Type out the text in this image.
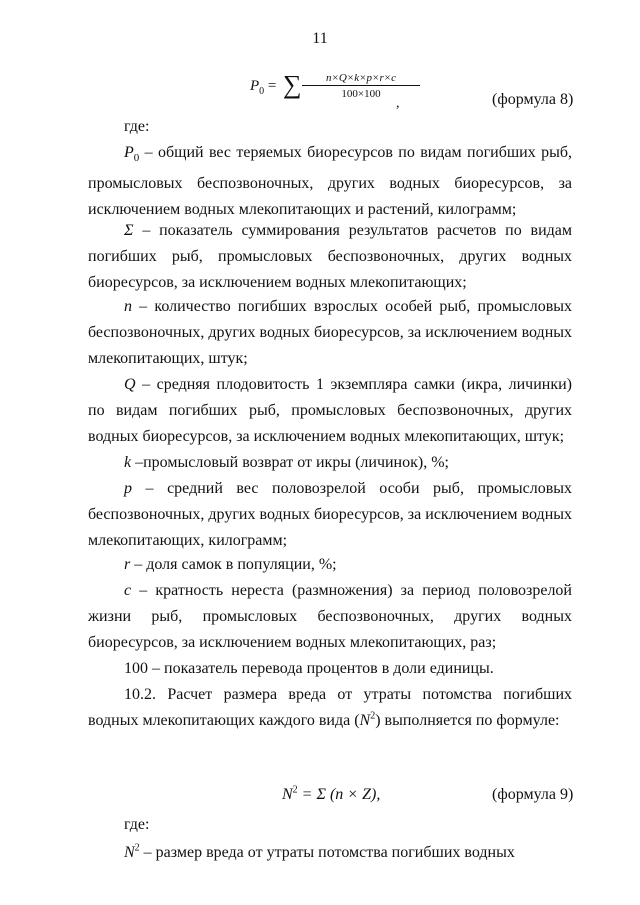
11
$P_0$ = ∑ $\frac{n\times Q\times k\times p\times r\times c}{100\times 100}$
,	(формула 8)
где:

$P_0$ – общий вес теряемых биоресурсов по видам погибших рыб, промысловых беспозвоночных, других водных биоресурсов, за исключением водных млекопитающих и растений, килограмм;

Σ – показатель суммирования результатов расчетов по видам погибших рыб, промысловых беспозвоночных, других водных биоресурсов, за исключением водных млекопитающих;

n – количество погибших взрослых особей рыб, промысловых беспозвоночных, других водных биоресурсов, за исключением водных млекопитающих, штук;

Q – средняя плодовитость 1 экземпляра самки (икра, личинки) по видам погибших рыб, промысловых беспозвоночных, других водных биоресурсов, за исключением водных млекопитающих, штук;

k –промысловый возврат от икры (личинок), %;

p – средний вес половозрелой особи рыб, промысловых беспозвоночных, других водных биоресурсов, за исключением водных млекопитающих, килограмм;

r – доля самок в популяции, %;

c – кратность нереста (размножения) за период половозрелой жизни рыб, промысловых беспозвоночных, других водных биоресурсов, за исключением водных млекопитающих, раз;

100 – показатель перевода процентов в доли единицы.

10.2. Расчет размера вреда от утраты потомства погибших водных млекопитающих каждого вида $(N^2)$ выполняется по формуле:

$N^2 = \Sigma$ (n × Z),	(формула 9)
где:

$N^2$ – размер вреда от утраты потомства погибших водных
